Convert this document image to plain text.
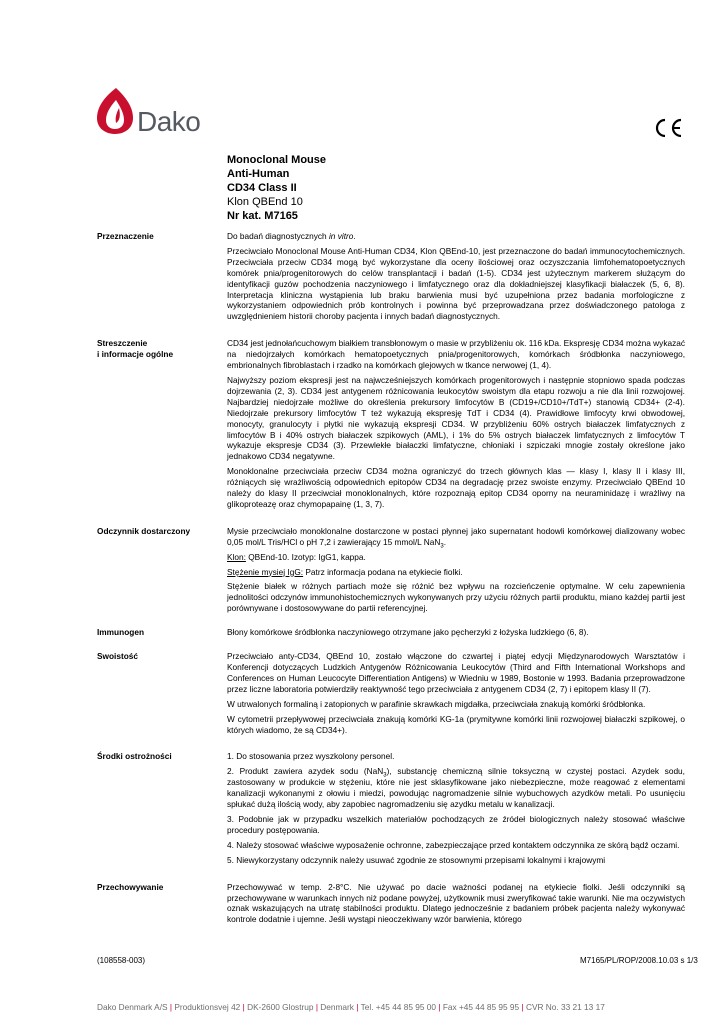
Dako
Monoclonal Mouse
Anti-Human
CD34 Class II
Klon QBEnd 10
Nr kat. M7165
Przeznaczenie	Do badań diagnostycznych in vitro.
Przeciwciało Monoclonal Mouse Anti-Human CD34, Klon QBEnd-10, jest przeznaczone do badań immunocytochemicznych. Przeciwciała przeciw CD34 mogą być wykorzystane dla oceny ilościowej oraz oczyszczania limfohematopoetycznych komórek pnia/progenitorowych do celów transplantacji i badań (1-5). CD34 jest użytecznym markerem służącym do identyfikacji guzów pochodzenia naczyniowego i limfatycznego oraz dla dokładniejszej klasyfikacji białaczek (5, 6, 8). Interpretacja kliniczna wystąpienia lub braku barwienia musi być uzupełniona przez badania morfologiczne z wykorzystaniem odpowiednich prób kontrolnych i powinna być przeprowadzana przez doświadczonego patologa z uwzględnieniem historii choroby pacjenta i innych badań diagnostycznych.
Streszczenie
i informacje ogólne
CD34 jest jednołańcuchowym białkiem transbłonowym o masie w przybliżeniu ok. 116 kDa. Ekspresję CD34 można wykazać na niedojrzałych komórkach hematopoetycznych pnia/progenitorowych, komórkach śródbłonka naczyniowego, embrionalnych fibroblastach i rzadko na komórkach glejowych w tkance nerwowej (1, 4).
Najwyższy poziom ekspresji jest na najwcześniejszych komórkach progenitorowych i następnie stopniowo spada podczas dojrzewania (2, 3). CD34 jest antygenem różnicowania leukocytów swoistym dla etapu rozwoju a nie dla linii rozwojowej. Najbardziej niedojrzałe możliwe do określenia prekursory limfocytów B (CD19+/CD10+/TdT+) stanowią CD34+ (2-4). Niedojrzałe prekursory limfocytów T też wykazują ekspresję TdT i CD34 (4). Prawidłowe limfocyty krwi obwodowej, monocyty, granulocyty i płytki nie wykazują ekspresji CD34. W przybliżeniu 60% ostrych białaczek limfatycznych z limfocytów B i 40% ostrych białaczek szpikowych (AML), i 1% do 5% ostrych białaczek limfatycznych z limfocytów T wykazuje ekspresje CD34 (3). Przewlekłe białaczki limfatyczne, chłoniaki i szpiczaki mnogie zostały określone jako jednakowo CD34 negatywne.
Monoklonalne przeciwciała przeciw CD34 można ograniczyć do trzech głównych klas — klasy I, klasy II i klasy III, różniących się wrażliwością odpowiednich epitopów CD34 na degradację przez swoiste enzymy. Przeciwciało QBEnd 10 należy do klasy II przeciwciał monoklonalnych, które rozpoznają epitop CD34 oporny na neuraminidazę i wrażliwy na glikoproteazę oraz chymopapainę (1, 3, 7).
Odczynnik dostarczony	Mysie przeciwciało monoklonalne dostarczone w postaci płynnej jako supernatant hodowli komórkowej dializowany wobec 0,05 mol/L Tris/HCl o pH 7,2 i zawierający 15 mmol/L NaN$_3$.
Klon: QBEnd-10. Izotyp: IgG1, kappa.
Stężenie mysiej IgG: Patrz informacja podana na etykiecie fiolki.
Stężenie białek w różnych partiach może się różnić bez wpływu na rozcieńczenie optymalne. W celu zapewnienia jednolitości odczynów immunohistochemicznych wykonywanych przy użyciu różnych partii produktu, miano każdej partii jest porównywane i dostosowywane do partii referencyjnej.
Immunogen	Błony komórkowe śródbłonka naczyniowego otrzymane jako pęcherzyki z łożyska ludzkiego (6, 8).
Swoistość	Przeciwciało anty-CD34, QBEnd 10, zostało włączone do czwartej i piątej edycji Międzynarodowych Warsztatów i Konferencji dotyczących Ludzkich Antygenów Różnicowania Leukocytów (Third and Fifth International Workshops and Conferences on Human Leucocyte Differentiation Antigens) w Wiedniu w 1989, Bostonie w 1993. Badania przeprowadzone przez liczne laboratoria potwierdziły reaktywność tego przeciwciała z antygenem CD34 (2, 7) i epitopem klasy II (7).
W utrwalonych formaliną i zatopionych w parafinie skrawkach migdałka, przeciwciała znakują komórki śródbłonka.
W cytometrii przepływowej przeciwciała znakują komórki KG-1a (prymitywne komórki linii rozwojowej białaczki szpikowej, o których wiadomo, że są CD34+).
Środki ostrożności	1. Do stosowania przez wyszkolony personel.
2. Produkt zawiera azydek sodu (NaN$_3$), substancję chemiczną silnie toksyczną w czystej postaci. Azydek sodu, zastosowany w produkcie w stężeniu, które nie jest sklasyfikowane jako niebezpieczne, może reagować z elementami kanalizacji wykonanymi z ołowiu i miedzi, powodując nagromadzenie silnie wybuchowych azydków metali. Po usunięciu spłukać dużą ilością wody, aby zapobiec nagromadzeniu się azydku metalu w kanalizacji.
3. Podobnie jak w przypadku wszelkich materiałów pochodzących ze źródeł biologicznych należy stosować właściwe procedury postępowania.
4. Należy stosować właściwe wyposażenie ochronne, zabezpieczające przed kontaktem odczynnika ze skórą bądź oczami.
5. Niewykorzystany odczynnik należy usuwać zgodnie ze stosownymi przepisami lokalnymi i krajowymi
Przechowywanie	Przechowywać w temp. 2-8°C. Nie używać po dacie ważności podanej na etykiecie fiolki. Jeśli odczynniki są przechowywane w warunkach innych niż podane powyżej, użytkownik musi zweryfikować takie warunki. Nie ma oczywistych oznak wskazujących na utratę stabilności produktu. Dlatego jednocześnie z badaniem próbek pacjenta należy wykonywać kontrole dodatnie i ujemne. Jeśli wystąpi nieoczekiwany wzór barwienia, którego
(108558-003)	M7165/PL/ROP/2008.10.03 s 1/3
Dako Denmark A/S | Produktionsvej 42 | DK-2600 Glostrup | Denmark | Tel. +45 44 85 95 00 | Fax +45 44 85 95 95 | CVR No. 33 21 13 17
